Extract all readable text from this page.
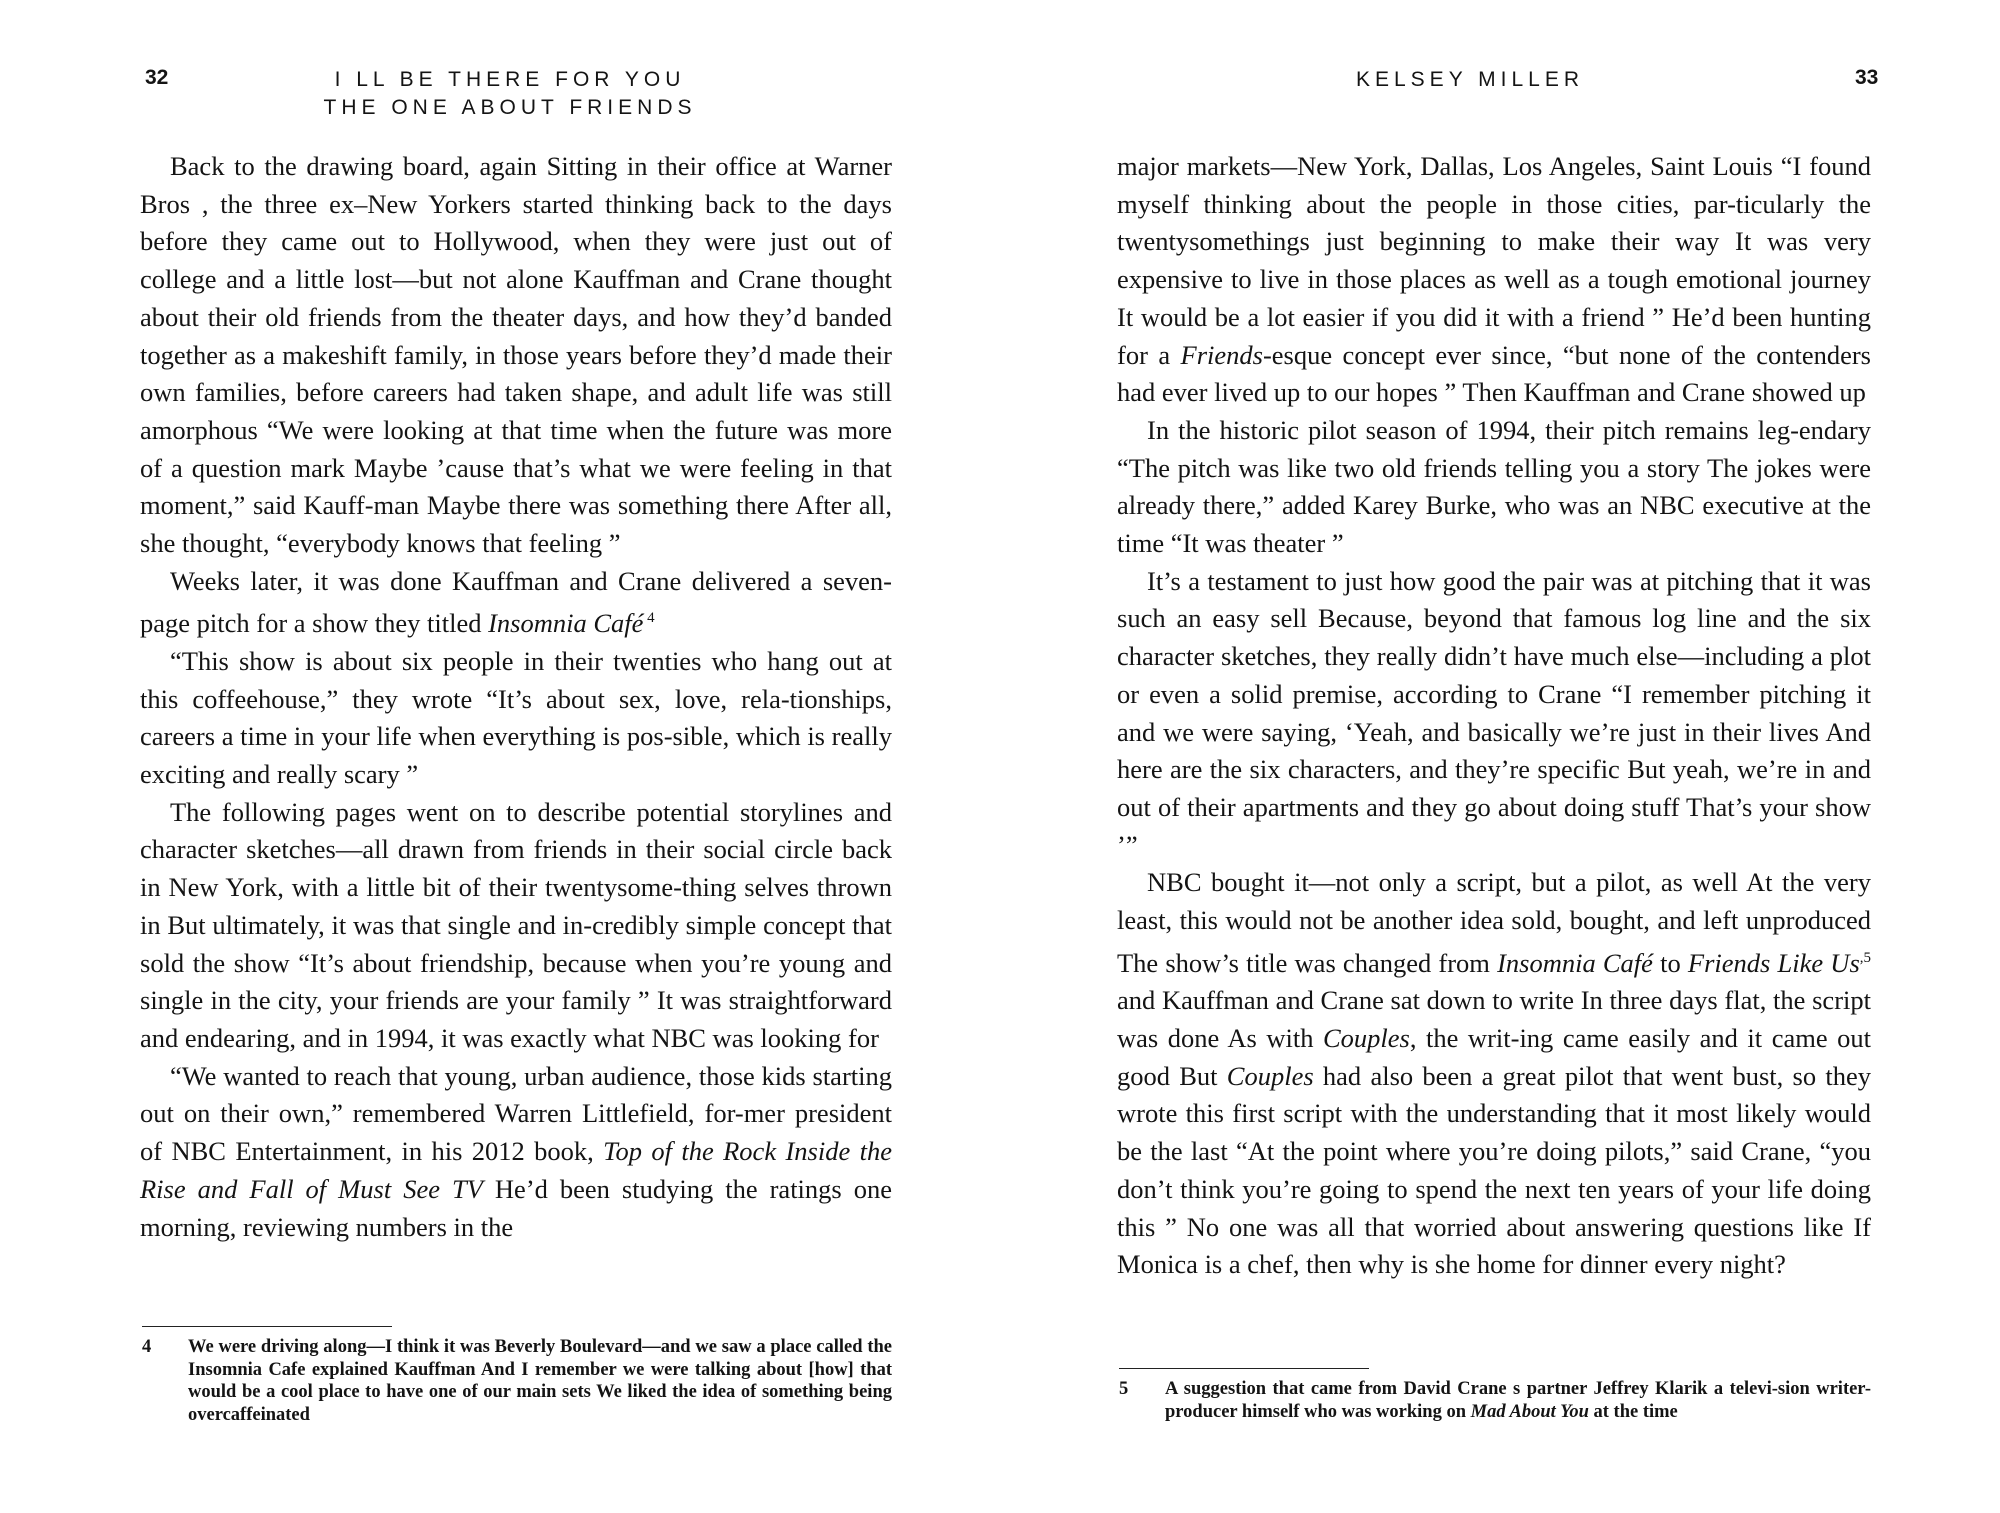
32	I LL BE THERE FOR YOU
THE ONE ABOUT FRIENDS

Back to the drawing board, again Sitting in their office at Warner Bros , the three ex–New Yorkers started thinking back to the days before they came out to Hollywood, when they were just out of college and a little lost—but not alone Kauffman and Crane thought about their old friends from the theater days, and how they’d banded together as a makeshift family, in those years before they’d made their own families, before careers had taken shape, and adult life was still amorphous “We were looking at that time when the future was more of a question mark Maybe ’cause that’s what we were feeling in that moment,” said Kauff-man Maybe there was something there After all, she thought, “everybody knows that feeling ”

Weeks later, it was done Kauffman and Crane delivered a seven-page pitch for a show they titled Insomnia Café $^4$

“This show is about six people in their twenties who hang out at this coffeehouse,” they wrote “It’s about sex, love, rela-tionships, careers a time in your life when everything is pos-sible, which is really exciting and really scary ”

The following pages went on to describe potential storylines and character sketches—all drawn from friends in their social circle back in New York, with a little bit of their twentysome-thing selves thrown in But ultimately, it was that single and in-credibly simple concept that sold the show “It’s about friendship, because when you’re young and single in the city, your friends are your family ” It was straightforward and endearing, and in 1994, it was exactly what NBC was looking for

“We wanted to reach that young, urban audience, those kids starting out on their own,” remembered Warren Littlefield, for-mer president of NBC Entertainment, in his 2012 book, Top of the Rock Inside the Rise and Fall of Must See TV He’d been studying the ratings one morning, reviewing numbers in the

4 We were driving along—I think it was Beverly Boulevard—and we saw a place called the Insomnia Cafe explained Kauffman And I remember we were talking about [how] that would be a cool place to have one of our main sets We liked the idea of something being overcaffeinated
KELSEY MILLER	33

major markets—New York, Dallas, Los Angeles, Saint Louis “I found myself thinking about the people in those cities, par-ticularly the twentysomethings just beginning to make their way It was very expensive to live in those places as well as a tough emotional journey It would be a lot easier if you did it with a friend ” He’d been hunting for a Friends-esque concept ever since, “but none of the contenders had ever lived up to our hopes ” Then Kauffman and Crane showed up

In the historic pilot season of 1994, their pitch remains leg-endary “The pitch was like two old friends telling you a story The jokes were already there,” added Karey Burke, who was an NBC executive at the time “It was theater ”

It’s a testament to just how good the pair was at pitching that it was such an easy sell Because, beyond that famous log line and the six character sketches, they really didn’t have much else—including a plot or even a solid premise, according to Crane “I remember pitching it and we were saying, ‘Yeah, and basically we’re just in their lives And here are the six characters, and they’re specific But yeah, we’re in and out of their apartments and they go about doing stuff That’s your show ’”

NBC bought it—not only a script, but a pilot, as well At the very least, this would not be another idea sold, bought, and left unproduced The show’s title was changed from Insomnia Café to Friends Like $Us^{,5}$ and Kauffman and Crane sat down to write In three days flat, the script was done As with Couples, the writ-ing came easily and it came out good But Couples had also been a great pilot that went bust, so they wrote this first script with the understanding that it most likely would be the last “At the point where you’re doing pilots,” said Crane, “you don’t think you’re going to spend the next ten years of your life doing this ” No one was all that worried about answering questions like If Monica is a chef, then why is she home for dinner every night?

5 A suggestion that came from David Crane s partner Jeffrey Klarik a televi-sion writer-producer himself who was working on Mad About You at the time
